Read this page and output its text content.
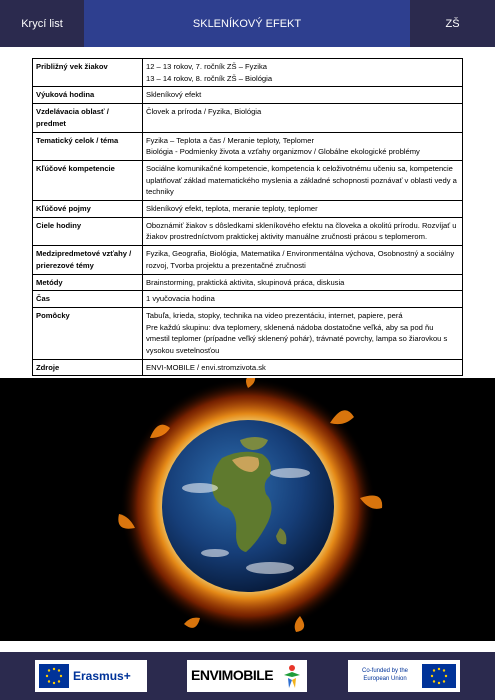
Krycí list	SKLENÍKOVÝ EFEKT	ZŠ
Približný vek žiakov	12 – 13 rokov, 7. ročník ZŠ – Fyzika
13 – 14 rokov, 8. ročník ZŠ – Biológia

Výuková hodina	Skleníkový efekt

Vzdelávacia oblasť / predmet	Človek a príroda / Fyzika, Biológia

Tematický celok / téma	Fyzika – Teplota a čas / Meranie teploty, Teplomer
Biológia - Podmienky života a vzťahy organizmov / Globálne ekologické problémy

Kľúčové kompetencie	Sociálne komunikačné kompetencie, kompetencia k celoživotnému učeniu sa, kompetencie uplatňovať základ matematického myslenia a základné schopnosti poznávať v oblasti vedy a techniky

Kľúčové pojmy	Skleníkový efekt, teplota, meranie teploty, teplomer

Ciele hodiny	Oboznámiť žiakov s dôsledkami skleníkového efektu na človeka a okolitú prírodu. Rozvíjať u žiakov prostredníctvom praktickej aktivity manuálne zručnosti prácou s teplomerom.

Medzipredmetové vzťahy / prierezové témy	Fyzika, Geografia, Biológia, Matematika / Environmentálna výchova, Osobnostný a sociálny rozvoj, Tvorba projektu a prezentačné zručnosti

Metódy	Brainstorming, praktická aktivita, skupinová práca, diskusia

Čas	1 vyučovacia hodina

Pomôcky	Tabuľa, krieda, stopky, technika na video prezentáciu, internet, papiere, perá
Pre každú skupinu: dva teplomery, sklenená nádoba dostatočne veľká, aby sa pod ňu vmestil teplomer (prípadne veľký sklenený pohár), trávnaté povrchy, lampa so žiarovkou s vysokou svetelnosťou

Zdroje	ENVI-MOBILE / envi.stromzivota.sk
Erasmus+	ENVIMOBILE	Co-funded by the European Union
